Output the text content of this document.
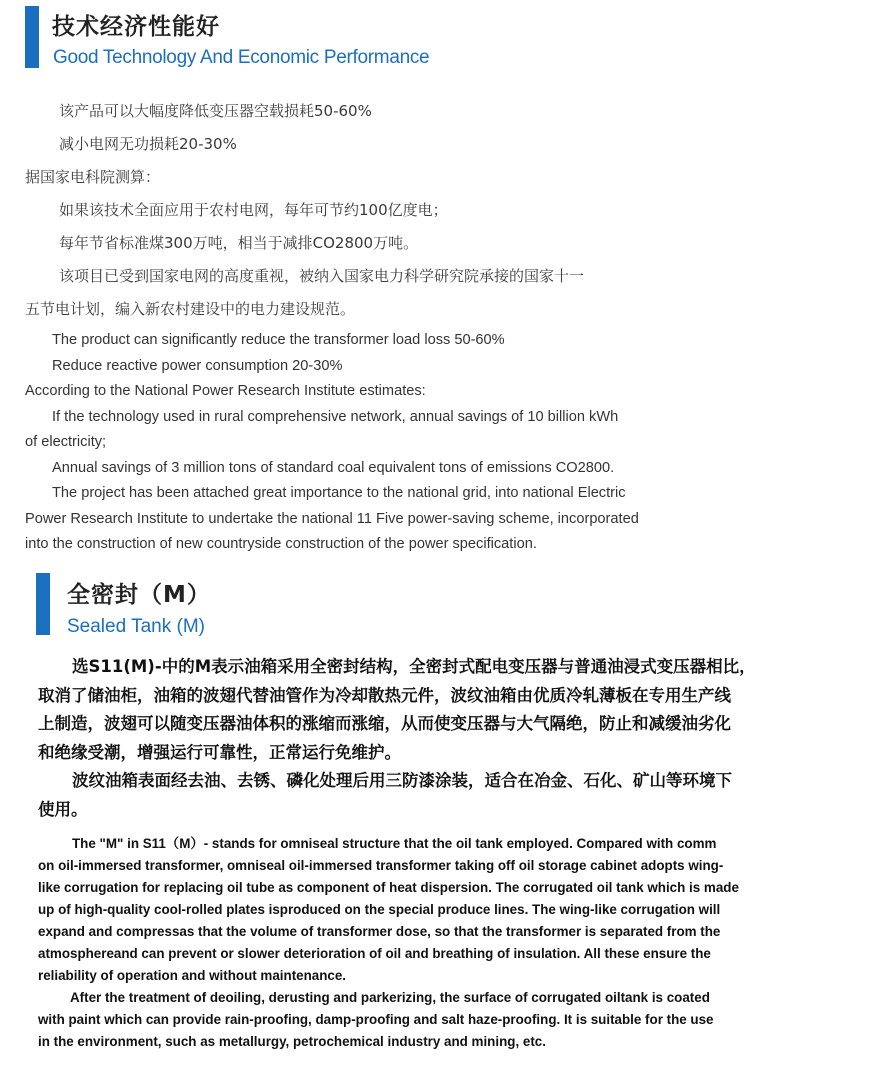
技术经济性能好
Good Technology And Economic Performance

该产品可以大幅度降低变压器空载损耗50-60%

减小电网无功损耗20-30%

据国家电科院测算：

如果该技术全面应用于农村电网，每年可节约100亿度电；

每年节省标准煤300万吨，相当于减排CO2800万吨。

该项目已受到国家电网的高度重视，被纳入国家电力科学研究院承接的国家十一

五节电计划，编入新农村建设中的电力建设规范。

The product can significantly reduce the transformer load loss 50-60%

Reduce reactive power consumption 20-30%

According to the National Power Research Institute estimates:

If the technology used in rural comprehensive network, annual savings of 10 billion kWh

of electricity;

Annual savings of 3 million tons of standard coal equivalent tons of emissions CO2800.

The project has been attached great importance to the national grid, into national Electric

Power Research Institute to undertake the national 11 Five power-saving scheme, incorporated

into the construction of new countryside construction of the power specification.

全密封（M）
Sealed Tank (M)

选S11(M)-中的M表示油箱采用全密封结构，全密封式配电变压器与普通油浸式变压器相比，

取消了储油柜，油箱的波翅代替油管作为冷却散热元件，波纹油箱由优质冷轧薄板在专用生产线

上制造，波翅可以随变压器油体积的涨缩而涨缩，从而使变压器与大气隔绝，防止和减缓油劣化

和绝缘受潮，增强运行可靠性，正常运行免维护。

波纹油箱表面经去油、去锈、磷化处理后用三防漆涂装，适合在冶金、石化、矿山等环境下

使用。

The "M" in S11（M）- stands for omniseal structure that the oil tank employed. Compared with comm

on oil-immersed transformer, omniseal oil-immersed transformer taking off oil storage cabinet adopts wing-

like corrugation for replacing oil tube as component of heat dispersion. The corrugated oil tank which is made

up of high-quality cool-rolled plates isproduced on the special produce lines. The wing-like corrugation will

expand and compressas that the volume of transformer dose, so that the transformer is separated from the

atmosphereand can prevent or slower deterioration of oil and breathing of insulation. All these ensure the

reliability of operation and without maintenance.

After the treatment of deoiling, derusting and parkerizing, the surface of corrugated oiltank is coated

with paint which can provide rain-proofing, damp-proofing and salt haze-proofing. It is suitable for the use

in the environment, such as metallurgy, petrochemical industry and mining, etc.
